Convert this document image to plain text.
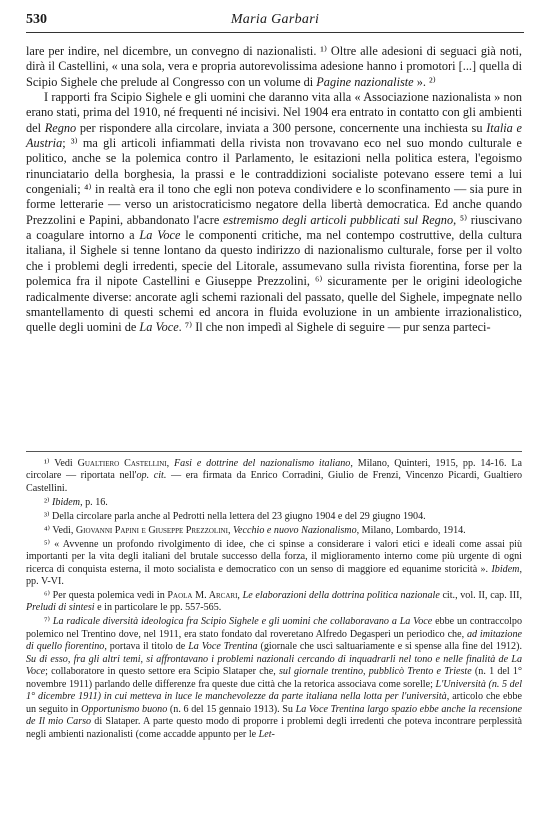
530	Maria Garbari

lare per indire, nel dicembre, un convegno di nazionalisti. ¹⁾ Oltre alle adesioni di seguaci già noti, dirà il Castellini, « una sola, vera e propria autorevolissima adesione hanno i promotori [...] quella di Scipio Sighele che prelude al Congresso con un volume di Pagine nazionaliste ». ²⁾

I rapporti fra Scipio Sighele e gli uomini che daranno vita alla « Associazione nazionalista » non erano stati, prima del 1910, né frequenti né incisivi. Nel 1904 era entrato in contatto con gli ambienti del Regno per rispondere alla circolare, inviata a 300 persone, concernente una inchiesta su Italia e Austria; ³⁾ ma gli articoli infiammati della rivista non trovavano eco nel suo mondo culturale e politico, anche se la polemica contro il Parlamento, le esitazioni nella politica estera, l'egoismo rinunciatario della borghesia, la prassi e le contraddizioni socialiste potevano essere temi a lui congeniali; ⁴⁾ in realtà era il tono che egli non poteva condividere e lo sconfinamento — sia pure in forme letterarie — verso un aristocraticismo negatore della libertà democratica. Ed anche quando Prezzolini e Papini, abbandonato l'acre estremismo degli articoli pubblicati sul Regno, ⁵⁾ riuscivano a coagulare intorno a La Voce le componenti critiche, ma nel contempo costruttive, della cultura italiana, il Sighele si tenne lontano da questo indirizzo di nazionalismo culturale, forse per il volto che i problemi degli irredenti, specie del Litorale, assumevano sulla rivista fiorentina, forse per la polemica fra il nipote Castellini e Giuseppe Prezzolini, ⁶⁾ sicuramente per le origini ideologiche radicalmente diverse: ancorate agli schemi razionali del passato, quelle del Sighele, impegnate nello smantellamento di questi schemi ed ancora in fluida evoluzione in un ambiente irrazionalistico, quelle degli uomini de La Voce. ⁷⁾ Il che non impedì al Sighele di seguire — pur senza parteci-

¹⁾ Vedi Gualtiero Castellini, Fasi e dottrine del nazionalismo italiano, Milano, Quinteri, 1915, pp. 14-16. La circolare — riportata nell'op. cit. — era firmata da Enrico Corradini, Giulio de Frenzi, Vincenzo Picardi, Gualtiero Castellini.

²⁾ Ibidem, p. 16.

³⁾ Della circolare parla anche al Pedrotti nella lettera del 23 giugno 1904 e del 29 giugno 1904.

⁴⁾ Vedi, Giovanni Papini e Giuseppe Prezzolini, Vecchio e nuovo Nazionalismo, Milano, Lombardo, 1914.

⁵⁾ « Avvenne un profondo rivolgimento di idee, che ci spinse a considerare i valori etici e ideali come assai più importanti per la vita degli italiani del brutale successo della forza, il miglioramento interno come più urgente di ogni ricerca di conquista esterna, il moto socialista e democratico con un senso di maggiore ed equanime storicità ». Ibidem, pp. V-VI.

⁶⁾ Per questa polemica vedi in Paola M. Arcari, Le elaborazioni della dottrina politica nazionale cit., vol. II, cap. III, Preludi di sintesi e in particolare le pp. 557-565.

⁷⁾ La radicale diversità ideologica fra Scipio Sighele e gli uomini che collaboravano a La Voce ebbe un contraccolpo polemico nel Trentino dove, nel 1911, era stato fondato dal roveretano Alfredo Degasperi un periodico che, ad imitazione di quello fiorentino, portava il titolo de La Voce Trentina (giornale che uscì saltuariamente e si spense alla fine del 1912). Su di esso, fra gli altri temi, si affrontavano i problemi nazionali cercando di inquadrarli nel tono e nelle finalità de La Voce; collaboratore in questo settore era Scipio Slataper che, sul giornale trentino, pubblicò Trento e Trieste (n. 1 del 1° novembre 1911) parlando delle differenze fra queste due città che la retorica associava come sorelle; L'Università (n. 5 del 1° dicembre 1911) in cui metteva in luce le manchevolezze da parte italiana nella lotta per l'università, articolo che ebbe un seguito in Opportunismo buono (n. 6 del 15 gennaio 1913). Su La Voce Trentina largo spazio ebbe anche la recensione de Il mio Carso di Slataper. A parte questo modo di proporre i problemi degli irredenti che poteva incontrare perplessità negli ambienti nazionalisti (come accadde appunto per le Let-
